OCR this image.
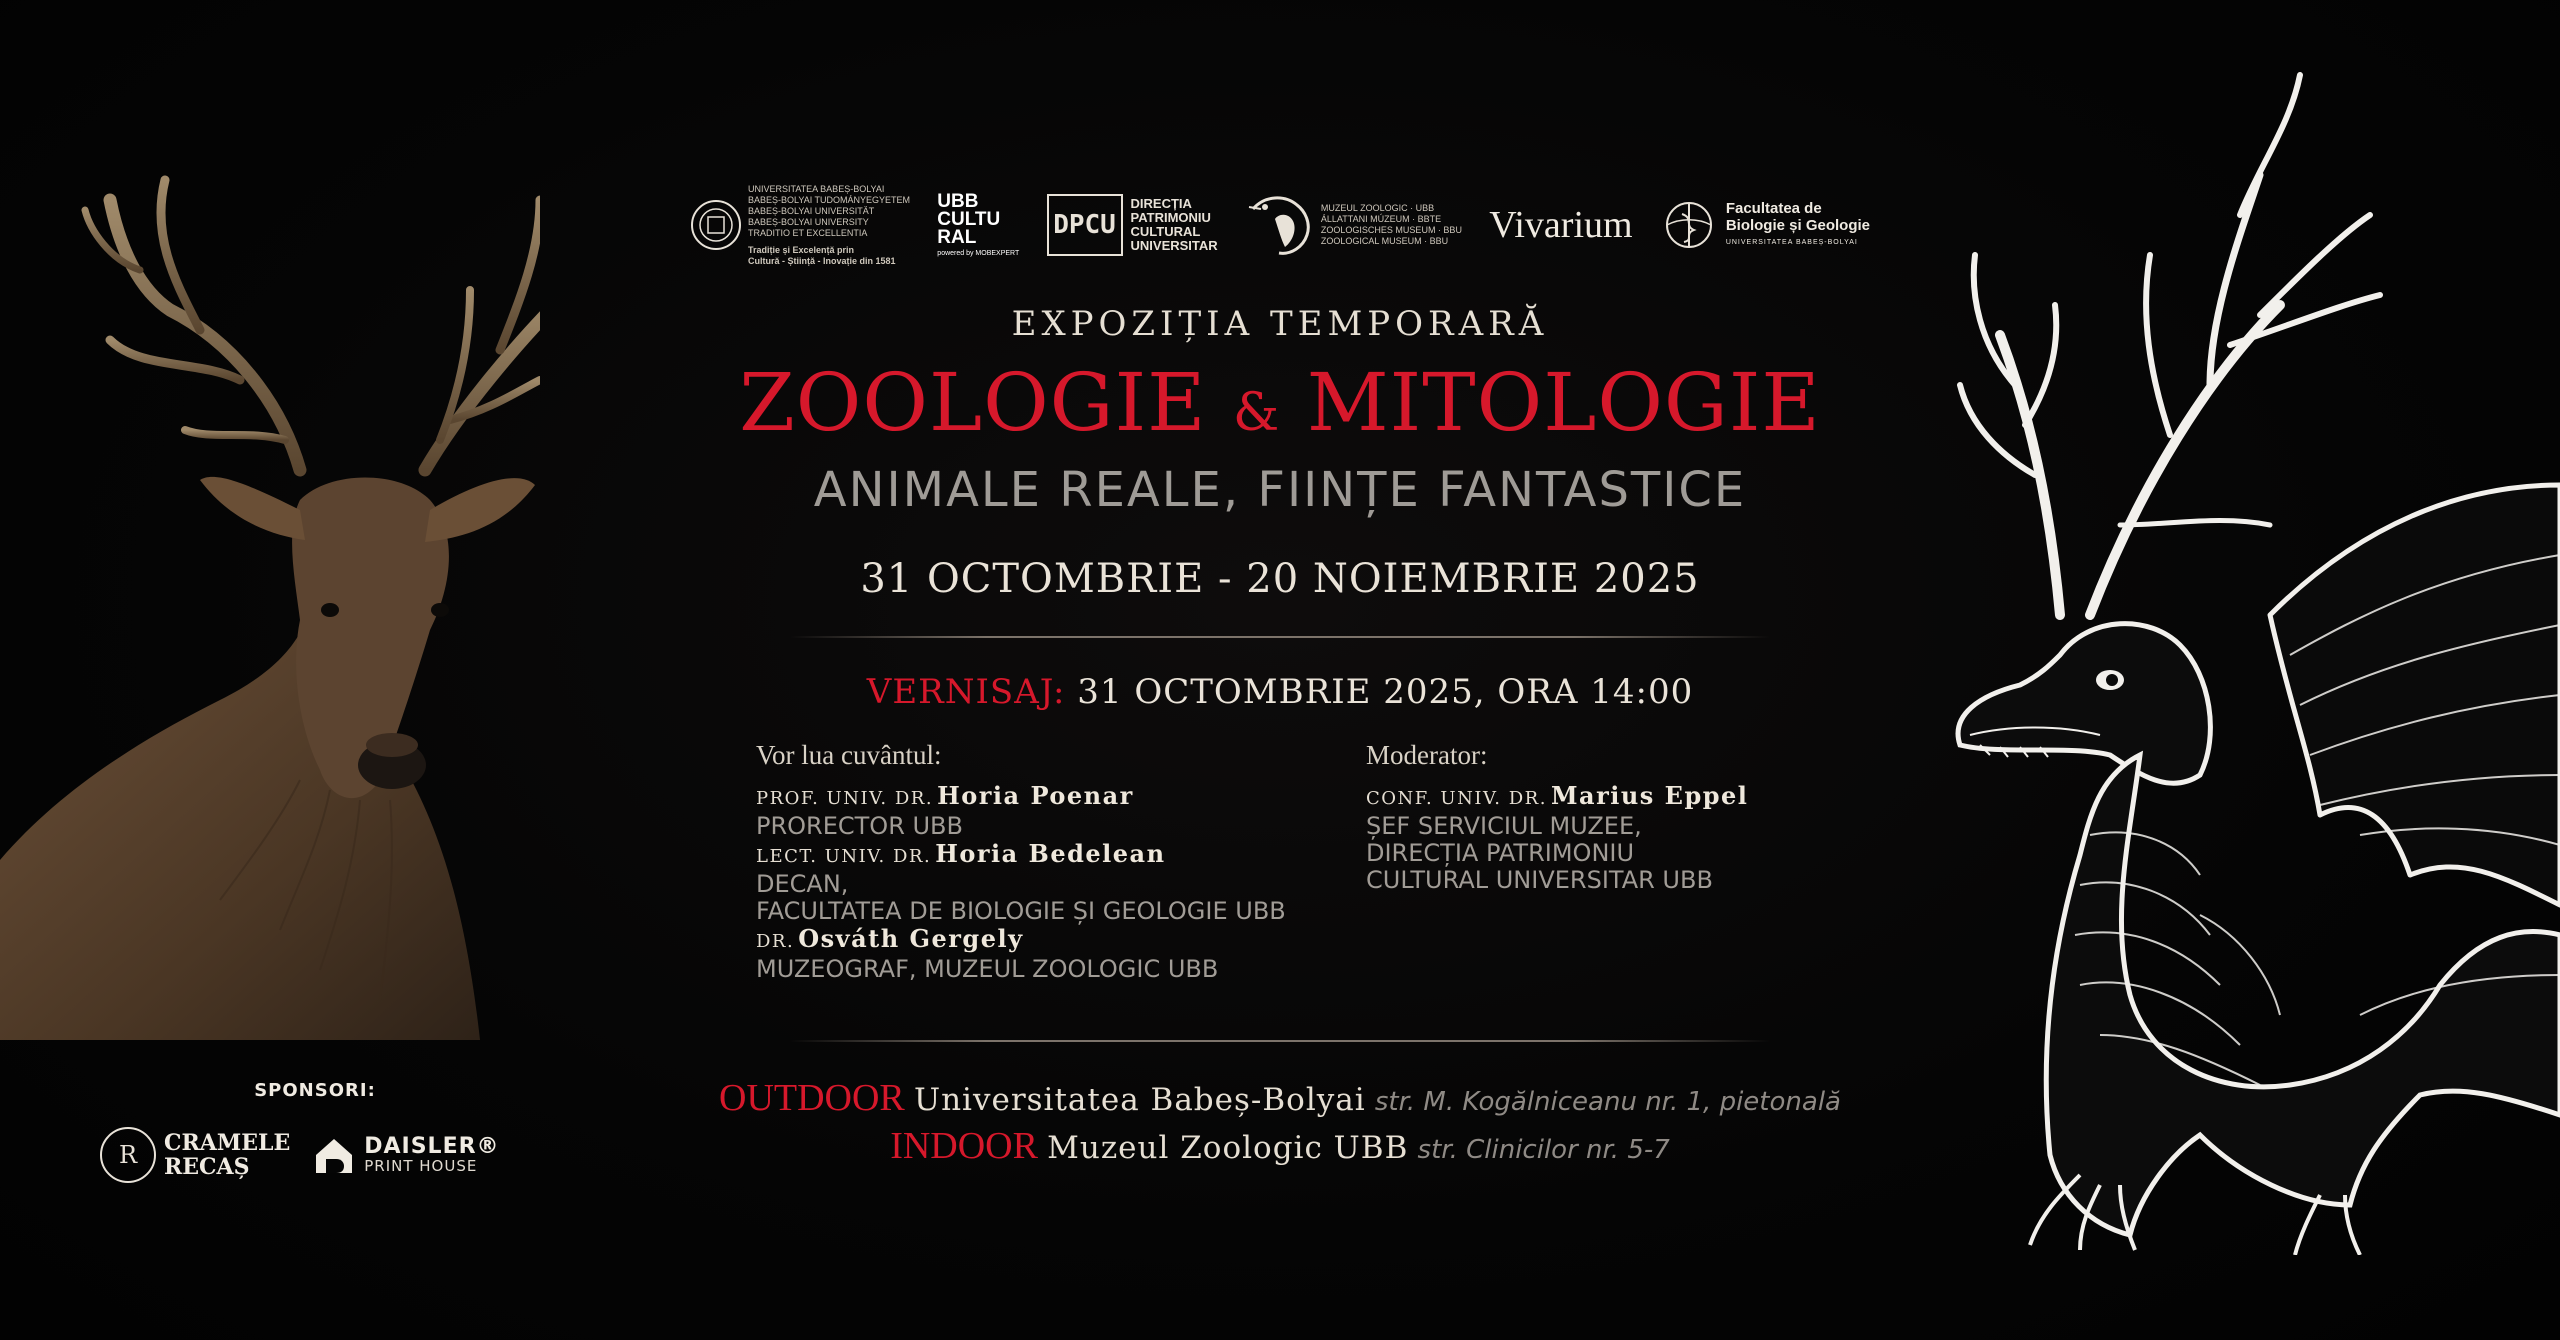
UNIVERSITATEA BABEȘ-BOLYAI
BABEȘ-BOLYAI TUDOMÁNYEGYETEM
BABEȘ-BOLYAI UNIVERSITÄT
BABEȘ-BOLYAI UNIVERSITY
TRADITIO ET EXCELLENTIA
Tradiție și Excelență prin
Cultură - Știință - Inovație din 1581
UBB
CULTU
RAL
powered by MOBEXPERT
DPCU
DIRECȚIA
PATRIMONIU
CULTURAL
UNIVERSITAR
MUZEUL ZOOLOGIC · UBB
ÁLLATTANI MÚZEUM · BBTE
ZOOLOGISCHES MUSEUM · BBU
ZOOLOGICAL MUSEUM · BBU	Vivarium	Facultatea de
Biologie și Geologie
UNIVERSITATEA BABEȘ-BOLYAI
EXPOZIȚIA TEMPORARĂ
ZOOLOGIE & MITOLOGIE
ANIMALE REALE, FIINȚE FANTASTICE
31 OCTOMBRIE - 20 NOIEMBRIE 2025
VERNISAJ: 31 OCTOMBRIE 2025, ORA 14:00
Vor lua cuvântul:
PROF. UNIV. DR. Horia Poenar
PRORECTOR UBB
LECT. UNIV. DR. Horia Bedelean
DECAN,
FACULTATEA DE BIOLOGIE ȘI GEOLOGIE UBB
DR. Osváth Gergely
MUZEOGRAF, MUZEUL ZOOLOGIC UBB
Moderator:
CONF. UNIV. DR. Marius Eppel
ȘEF SERVICIUL MUZEE,
DIRECȚIA PATRIMONIU
CULTURAL UNIVERSITAR UBB
OUTDOOR Universitatea Babeș-Bolyai str. M. Kogălniceanu nr. 1, pietonală
INDOOR Muzeul Zoologic UBB str. Clinicilor nr. 5-7
SPONSORI:
R	CRAMELE
RECAȘ
DAISLER®
PRINT HOUSE
